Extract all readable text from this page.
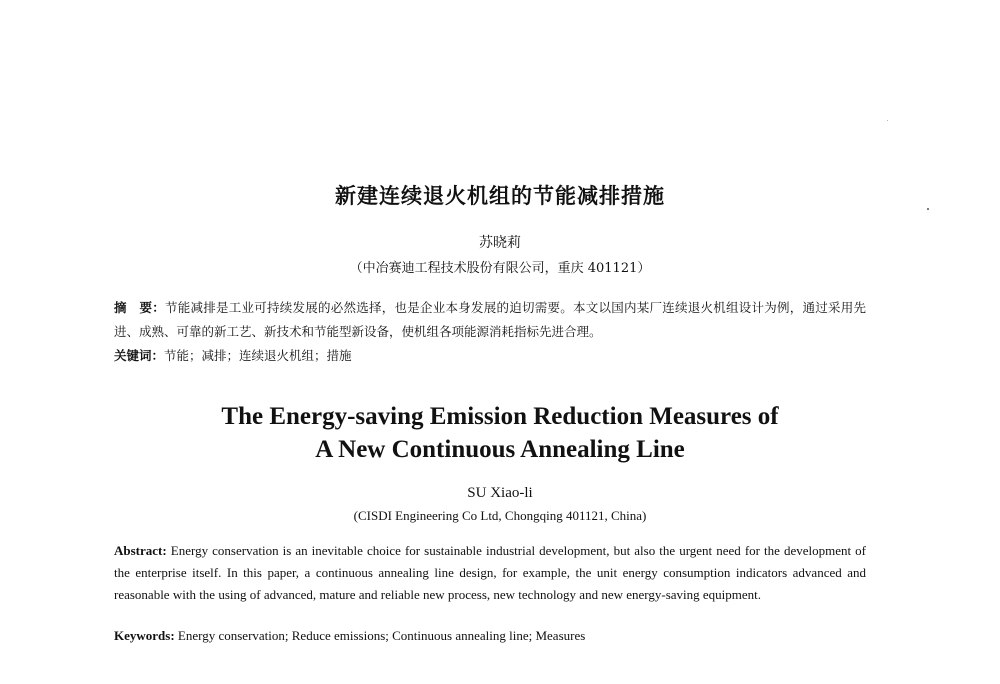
新建连续退火机组的节能减排措施
苏晓莉
（中冶赛迪工程技术股份有限公司，重庆 401121）
摘　要：节能减排是工业可持续发展的必然选择，也是企业本身发展的迫切需要。本文以国内某厂连续退火机组设计为例，通过采用先进、成熟、可靠的新工艺、新技术和节能型新设备，使机组各项能源消耗指标先进合理。
关键词：节能；减排；连续退火机组；措施
The Energy-saving Emission Reduction Measures of
A New Continuous Annealing Line
SU Xiao-li
(CISDI Engineering Co Ltd, Chongqing 401121, China)
Abstract: Energy conservation is an inevitable choice for sustainable industrial development, but also the urgent need for the development of the enterprise itself. In this paper, a continuous annealing line design, for example, the unit energy consumption indicators advanced and reasonable with the using of advanced, mature and reliable new process, new technology and new energy-saving equipment.
Keywords: Energy conservation; Reduce emissions; Continuous annealing line; Measures
